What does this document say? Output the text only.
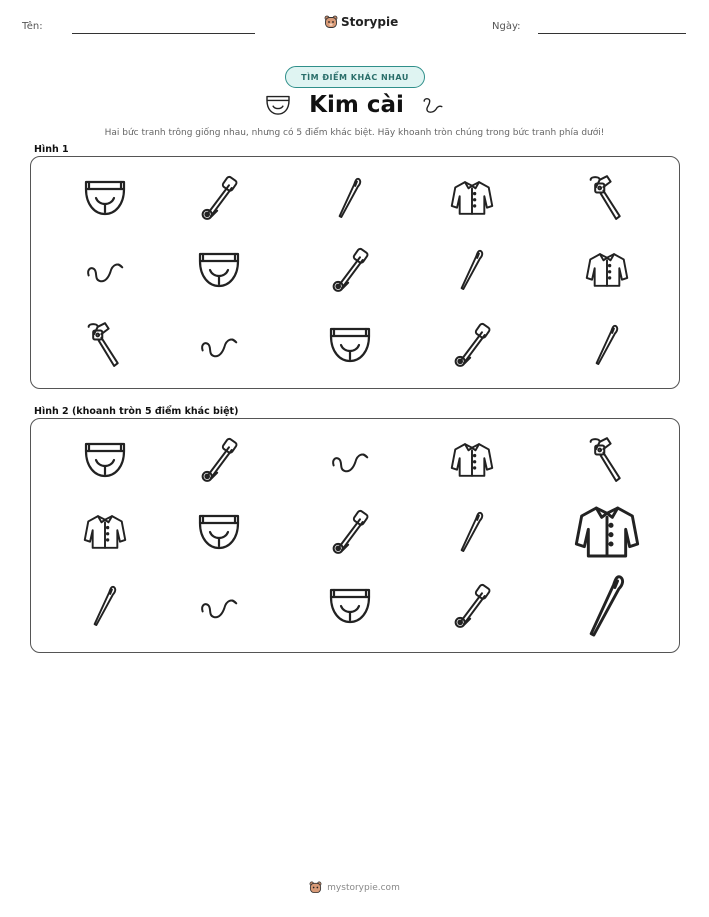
Tên:	Storypie	Ngày:
TÌM ĐIỂM KHÁC NHAU
Kim cài
Hai bức tranh trông giống nhau, nhưng có 5 điểm khác biệt. Hãy khoanh tròn chúng trong bức tranh phía dưới!
Hình 1
Hình 2 (khoanh tròn 5 điểm khác biệt)
mystorypie.com
